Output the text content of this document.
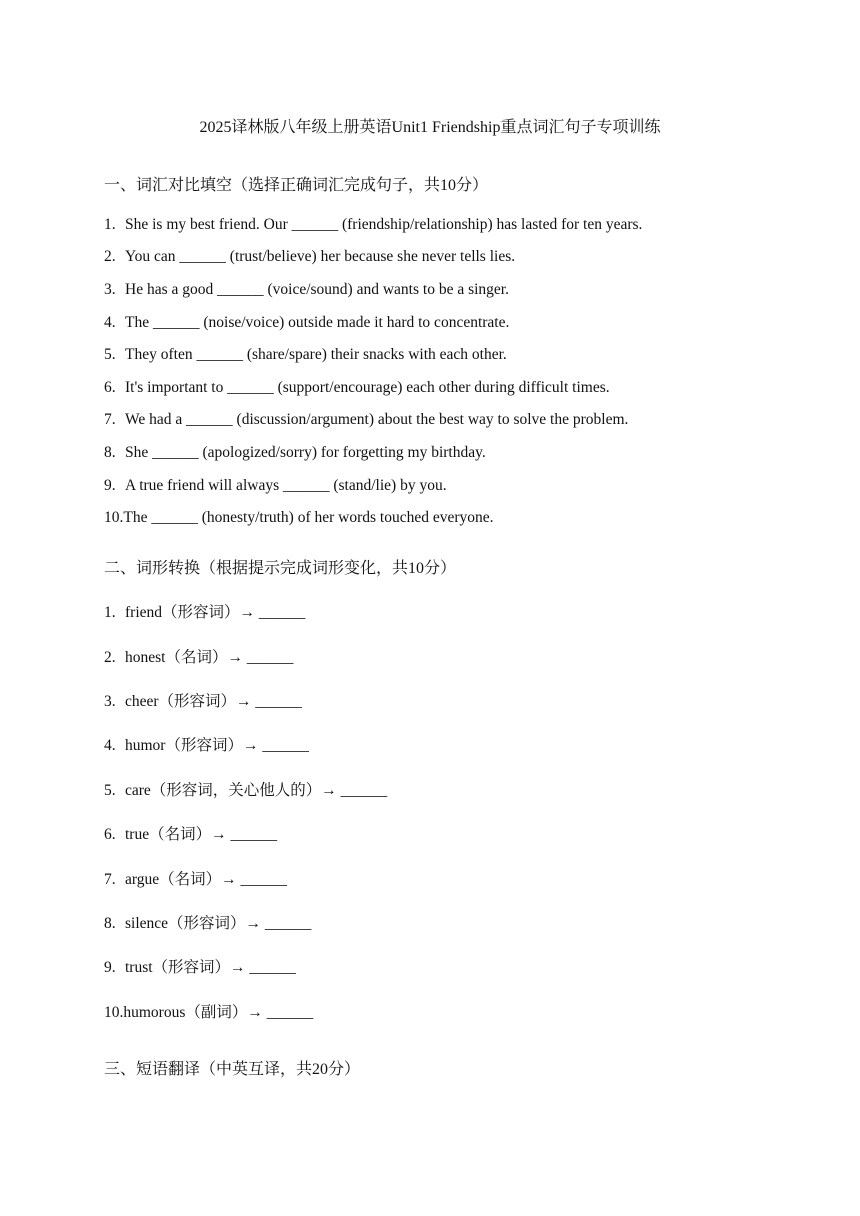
2025译林版八年级上册英语Unit1 Friendship重点词汇句子专项训练
一、词汇对比填空（选择正确词汇完成句子，共10分）
1. She is my best friend. Our ______ (friendship/relationship) has lasted for ten years.
2. You can ______ (trust/believe) her because she never tells lies.
3. He has a good ______ (voice/sound) and wants to be a singer.
4. The ______ (noise/voice) outside made it hard to concentrate.
5. They often ______ (share/spare) their snacks with each other.
6. It's important to ______ (support/encourage) each other during difficult times.
7. We had a ______ (discussion/argument) about the best way to solve the problem.
8. She ______ (apologized/sorry) for forgetting my birthday.
9. A true friend will always ______ (stand/lie) by you.
10.The ______ (honesty/truth) of her words touched everyone.
二、词形转换（根据提示完成词形变化，共10分）
1. friend（形容词）→ ______
2. honest（名词）→ ______
3. cheer（形容词）→ ______
4. humor（形容词）→ ______
5. care（形容词，关心他人的）→ ______
6. true（名词）→ ______
7. argue（名词）→ ______
8. silence（形容词）→ ______
9. trust（形容词）→ ______
10.humorous（副词）→ ______
三、短语翻译（中英互译，共20分）
